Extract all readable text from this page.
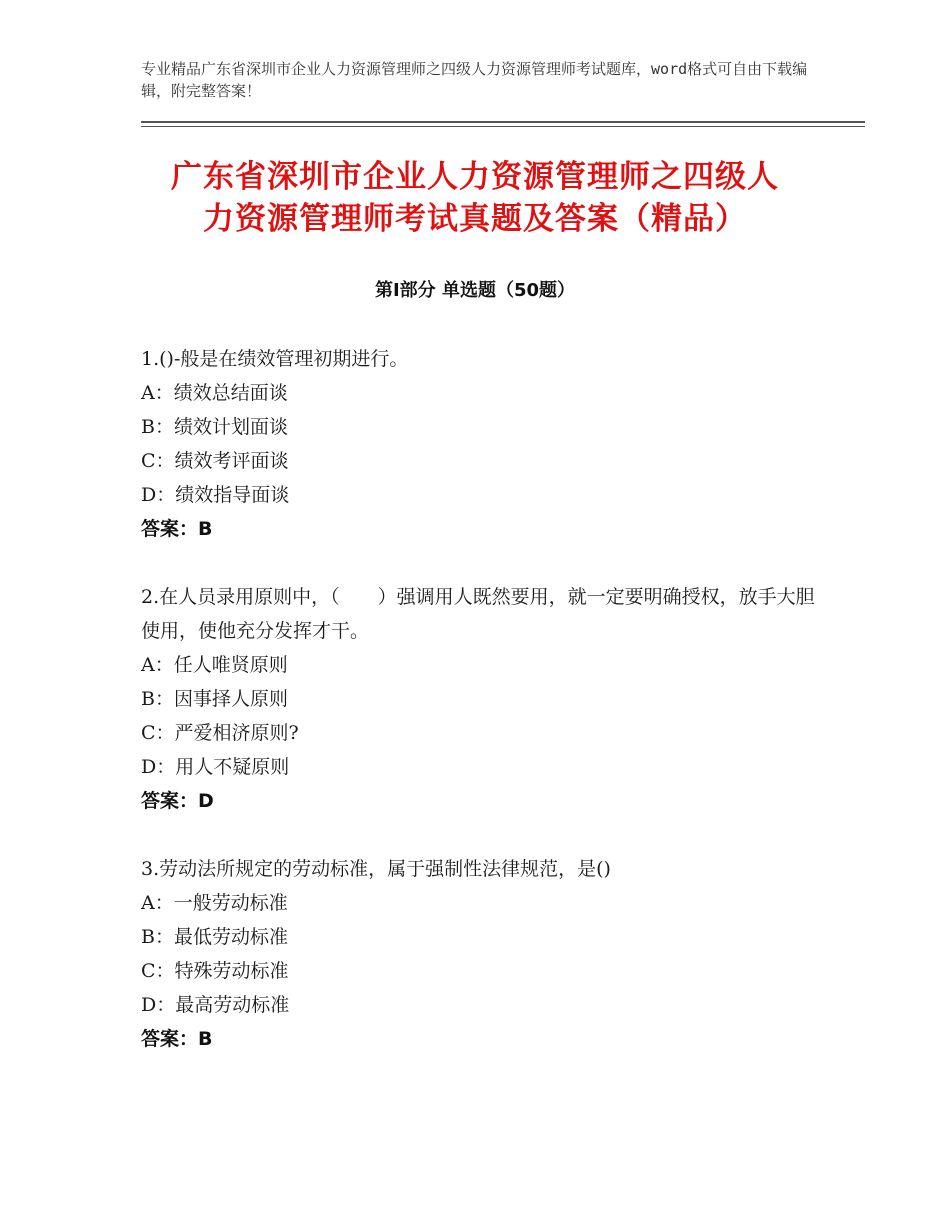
专业精品广东省深圳市企业人力资源管理师之四级人力资源管理师考试题库，word格式可自由下载编辑，附完整答案！
广东省深圳市企业人力资源管理师之四级人
力资源管理师考试真题及答案（精品）
第Ⅰ部分 单选题（50题）
1.()-般是在绩效管理初期进行。
A：绩效总结面谈
B：绩效计划面谈
C：绩效考评面谈
D：绩效指导面谈
答案：B
2.在人员录用原则中，（　　）强调用人既然要用，就一定要明确授权，放手大胆使用，使他充分发挥才干。
A：任人唯贤原则
B：因事择人原则
C：严爱相济原则?
D：用人不疑原则
答案：D
3.劳动法所规定的劳动标准，属于强制性法律规范，是()
A：一般劳动标准
B：最低劳动标准
C：特殊劳动标准
D：最高劳动标准
答案：B
